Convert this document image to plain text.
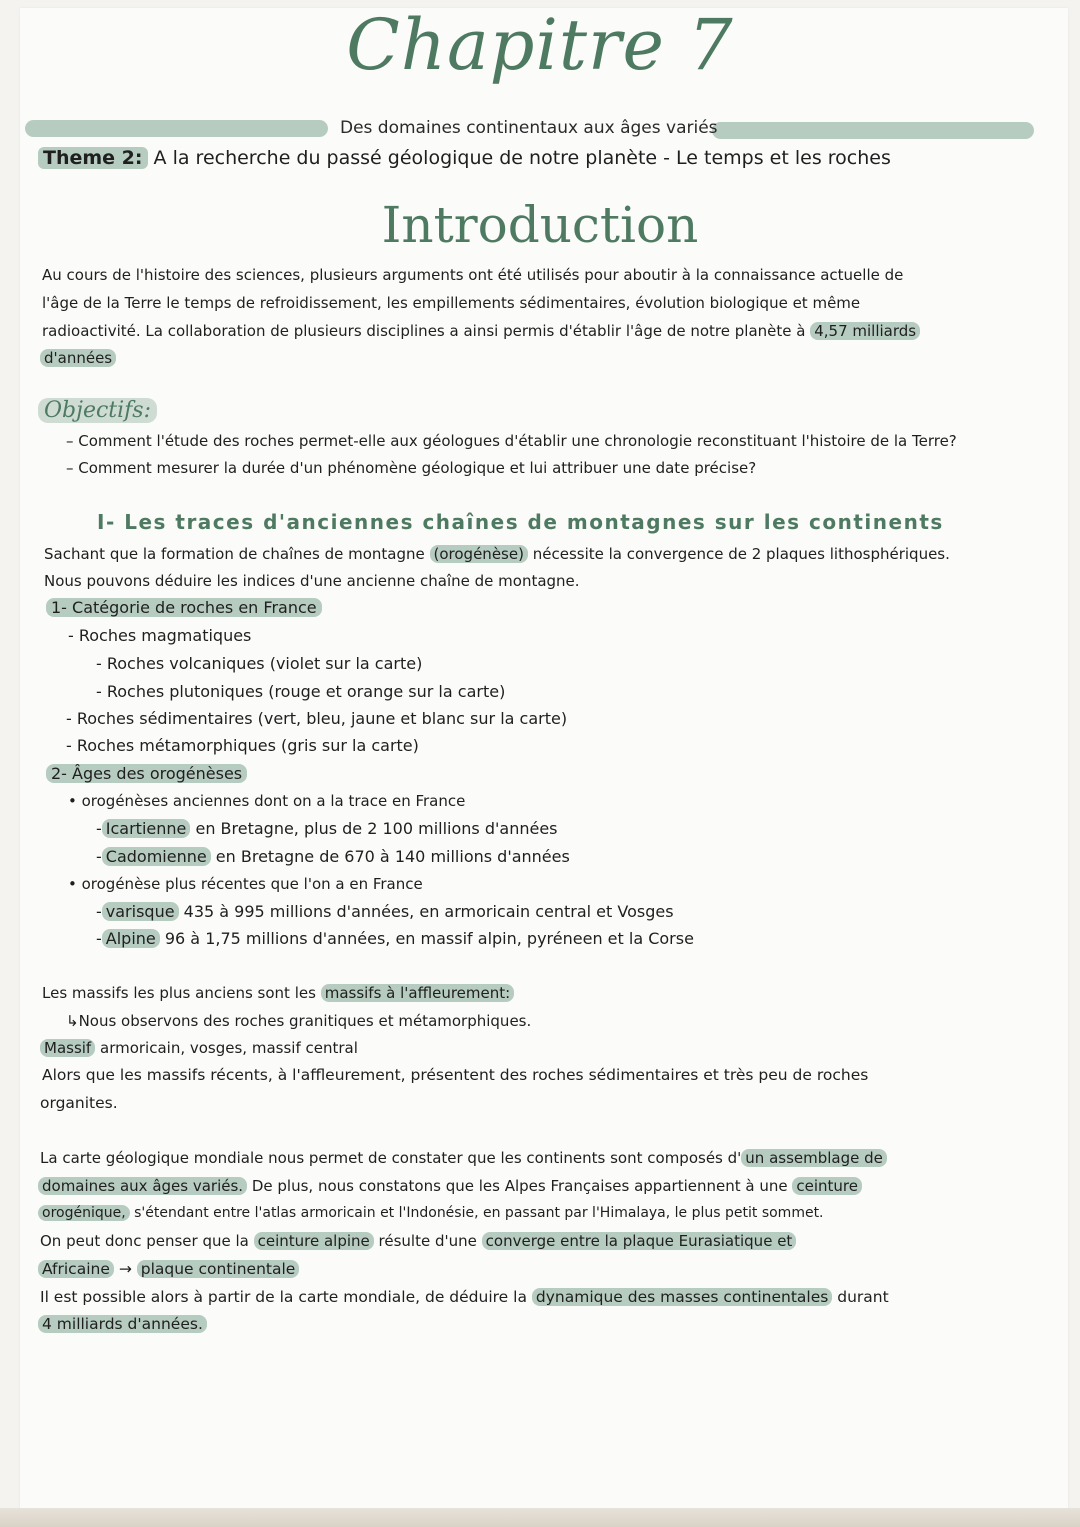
Chapitre 7
Des domaines continentaux aux âges variés
Theme 2: A la recherche du passé géologique de notre planète - Le temps et les roches
Introduction
Au cours de l'histoire des sciences, plusieurs arguments ont été utilisés pour aboutir à la connaissance actuelle de
l'âge de la Terre le temps de refroidissement, les empillements sédimentaires, évolution biologique et même
radioactivité. La collaboration de plusieurs disciplines a ainsi permis d'établir l'âge de notre planète à 4,57 milliards
d'années
Objectifs:
– Comment l'étude des roches permet-elle aux géologues d'établir une chronologie reconstituant l'histoire de la Terre?
– Comment mesurer la durée d'un phénomène géologique et lui attribuer une date précise?
I- Les traces d'anciennes chaînes de montagnes sur les continents
Sachant que la formation de chaînes de montagne (orogénèse) nécessite la convergence de 2 plaques lithosphériques.
Nous pouvons déduire les indices d'une ancienne chaîne de montagne.
1- Catégorie de roches en France
- Roches magmatiques
- Roches volcaniques (violet sur la carte)
- Roches plutoniques (rouge et orange sur la carte)
- Roches sédimentaires (vert, bleu, jaune et blanc sur la carte)
- Roches métamorphiques (gris sur la carte)
2- Âges des orogénèses
• orogénèses anciennes dont on a la trace en France
- Icartienne en Bretagne, plus de 2 100 millions d'années
- Cadomienne en Bretagne de 670 à 140 millions d'années
• orogénèse plus récentes que l'on a en France
- varisque 435 à 995 millions d'années, en armoricain central et Vosges
- Alpine 96 à 1,75 millions d'années, en massif alpin, pyréneen et la Corse
Les massifs les plus anciens sont les massifs à l'affleurement:
↳Nous observons des roches granitiques et métamorphiques.
Massif armoricain, vosges, massif central
Alors que les massifs récents, à l'affleurement, présentent des roches sédimentaires et très peu de roches
organites.
La carte géologique mondiale nous permet de constater que les continents sont composés d' un assemblage de
domaines aux âges variés. De plus, nous constatons que les Alpes Françaises appartiennent à une ceinture
orogénique, s'étendant entre l'atlas armoricain et l'Indonésie, en passant par l'Himalaya, le plus petit sommet.
On peut donc penser que la ceinture alpine résulte d'une converge entre la plaque Eurasiatique et
Africaine → plaque continentale
Il est possible alors à partir de la carte mondiale, de déduire la dynamique des masses continentales durant
4 milliards d'années.
